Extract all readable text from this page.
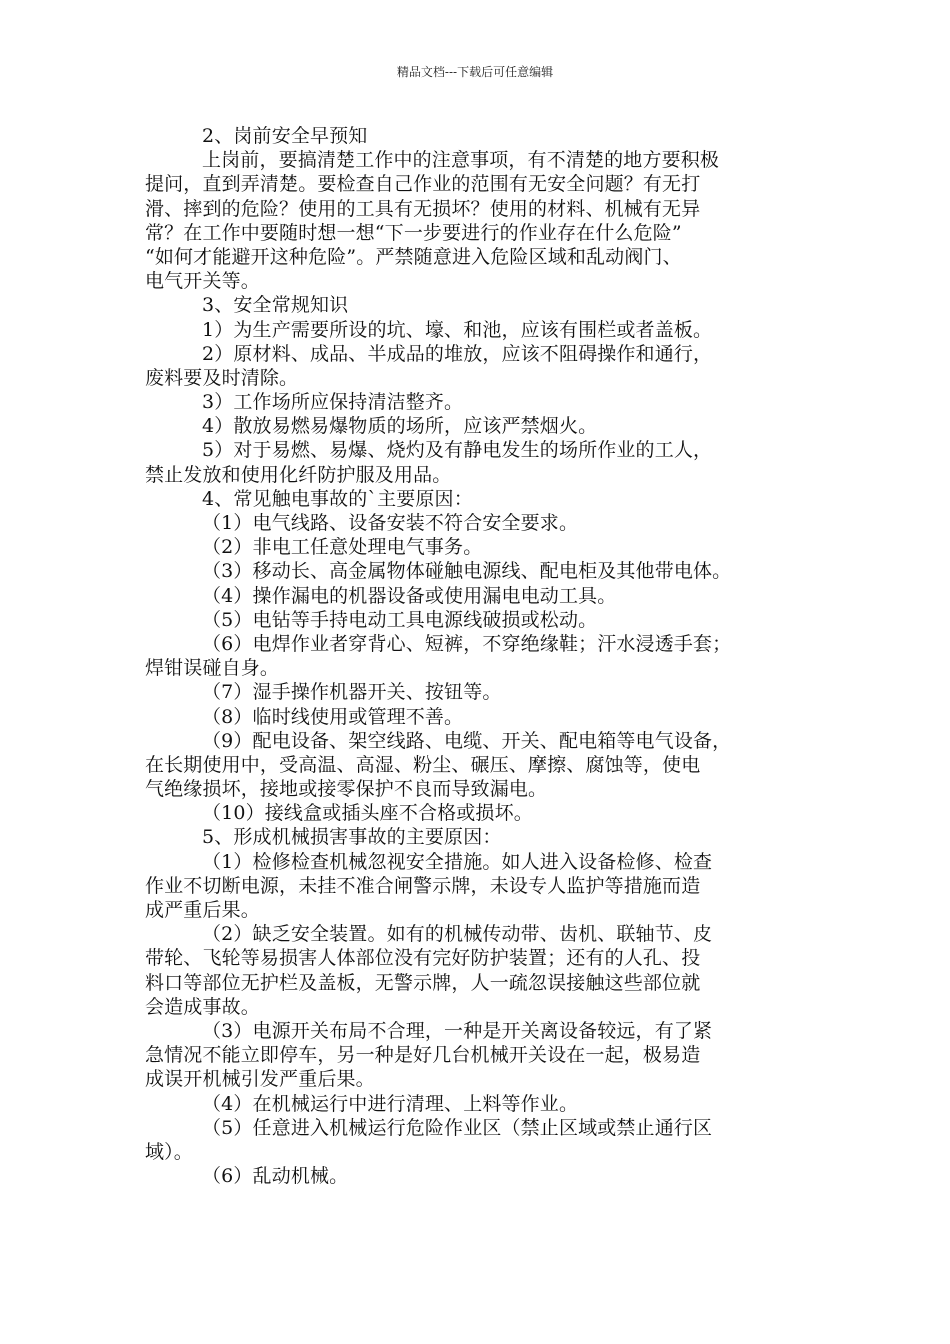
精品文档---下载后可任意编辑
2、岗前安全早预知
上岗前，要搞清楚工作中的注意事项，有不清楚的地方要积极
提问，直到弄清楚。要检查自己作业的范围有无安全问题？有无打
滑、摔到的危险？使用的工具有无损坏？使用的材料、机械有无异
常？在工作中要随时想一想“下一步要进行的作业存在什么危险”
“如何才能避开这种危险”。严禁随意进入危险区域和乱动阀门、
电气开关等。
3、安全常规知识
1）为生产需要所设的坑、壕、和池，应该有围栏或者盖板。
2）原材料、成品、半成品的堆放，应该不阻碍操作和通行，
废料要及时清除。
3）工作场所应保持清洁整齐。
4）散放易燃易爆物质的场所，应该严禁烟火。
5）对于易燃、易爆、烧灼及有静电发生的场所作业的工人，
禁止发放和使用化纤防护服及用品。
4、常见触电事故的`主要原因：
（1）电气线路、设备安装不符合安全要求。
（2）非电工任意处理电气事务。
（3）移动长、高金属物体碰触电源线、配电柜及其他带电体。
（4）操作漏电的机器设备或使用漏电电动工具。
（5）电钻等手持电动工具电源线破损或松动。
（6）电焊作业者穿背心、短裤，不穿绝缘鞋；汗水浸透手套；
焊钳误碰自身。
（7）湿手操作机器开关、按钮等。
（8）临时线使用或管理不善。
（9）配电设备、架空线路、电缆、开关、配电箱等电气设备，
在长期使用中，受高温、高湿、粉尘、碾压、摩擦、腐蚀等，使电
气绝缘损坏，接地或接零保护不良而导致漏电。
（10）接线盒或插头座不合格或损坏。
5、形成机械损害事故的主要原因：
（1）检修检查机械忽视安全措施。如人进入设备检修、检查
作业不切断电源，未挂不准合闸警示牌，未设专人监护等措施而造
成严重后果。
（2）缺乏安全装置。如有的机械传动带、齿机、联轴节、皮
带轮、飞轮等易损害人体部位没有完好防护装置；还有的人孔、投
料口等部位无护栏及盖板，无警示牌，人一疏忽误接触这些部位就
会造成事故。
（3）电源开关布局不合理，一种是开关离设备较远，有了紧
急情况不能立即停车，另一种是好几台机械开关设在一起，极易造
成误开机械引发严重后果。
（4）在机械运行中进行清理、上料等作业。
（5）任意进入机械运行危险作业区（禁止区域或禁止通行区
域）。
（6）乱动机械。
